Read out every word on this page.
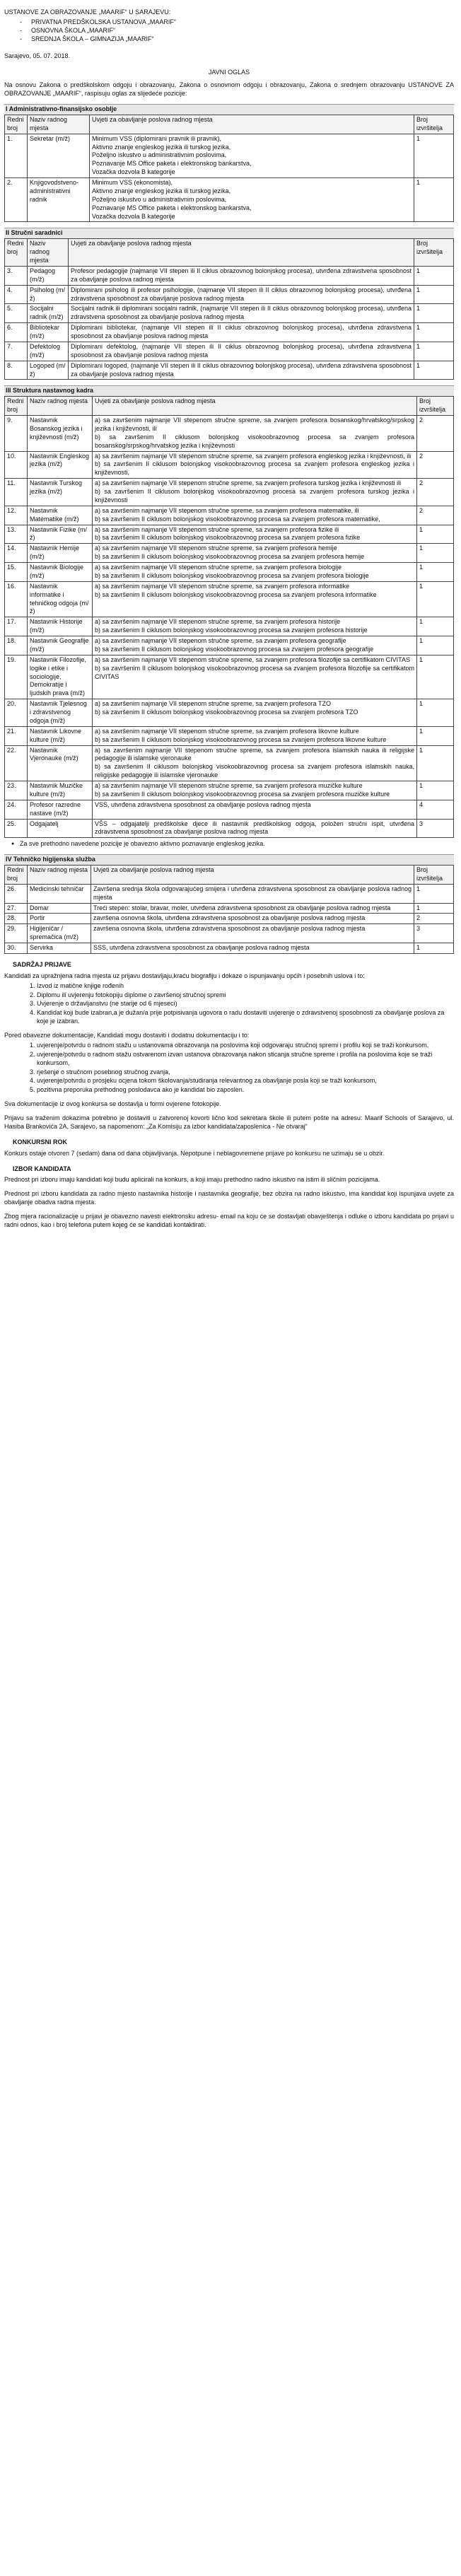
USTANOVE ZA OBRAZOVANJE „MAARIF“ U SARAJEVU:
- PRIVATNA PREDŠKOLSKA USTANOVA „MAARIF“
- OSNOVNA ŠKOLA „MAARIF“
- SREDNJA ŠKOLA – GIMNAZIJA „MAARIF“
Sarajevo, 05. 07. 2018.
JAVNI OGLAS
Na osnovu Zakona o predškolskom odgoju i obrazovanju, Zakona o osnovnom odgoju i obrazovanju, Zakona o srednjem obrazovanju USTANOVE ZA OBRAZOVANJE „MAARIF“, raspisuju oglas za slijedeće pozicije:
I Administrativno-finansijsko osoblje
Redni broj	Naziv radnog mjesta	Uvjeti za obavljanje poslova radnog mjesta	Broj izvršitelja
1.	Sekretar (m/ž)	Minimum VSS (diplomirani pravnik ili pravnik),
Aktivno znanje engleskog jezika ili turskog jezika,
Poželjno iskustvo u administrativnim poslovima,
Poznavanje MS Office paketa i elektronskog bankarstva,
Vozačka dozvola B kategorije	1
2.	Knjigovodstveno-administrativni radnik	Minimum VSS (ekonomista),
Aktivno znanje engleskog jezika ili turskog jezika,
Poželjno iskustvo u administrativnim poslovima,
Poznavanje MS Office paketa i elektronskog bankarstva,
Vozačka dozvola B kategorije	1
II Stručni saradnici
Redni broj	Naziv radnog mjesta	Uvjeti za obavljanje poslova radnog mjesta	Broj izvršitelja
3.	Pedagog (m/ž)	Profesor pedagogije (najmanje VII stepen ili II ciklus obrazovnog bolonjskog procesa), utvrđena zdravstvena sposobnost za obavljanje poslova radnog mjesta	1
4.	Psiholog (m/ž)	Diplomirani psiholog ili profesor psihologije, (najmanje VII stepen ili II ciklus obrazovnog bolonjskog procesa), utvrđena zdravstvena sposobnost za obavljanje poslova radnog mjesta	1
5.	Socijalni radnik (m/ž)	Socijalni radnik ili diplomirani socijalni radnik, (najmanje VII stepen ili II ciklus obrazovnog bolonjskog procesa), utvrđena zdravstvena sposobnost za obavljanje poslova radnog mjesta	1
6.	Bibliotekar (m/ž)	Diplomirani bibliotekar, (najmanje VII stepen ili II ciklus obrazovnog bolonjskog procesa), utvrđena zdravstvena sposobnost za obavljanje poslova radnog mjesta	1
7.	Defektolog (m/ž)	Diplomirani defektolog, (najmanje VII stepen ili II ciklus obrazovnog bolonjskog procesa), utvrđena zdravstvena sposobnost za obavljanje poslova radnog mjesta	1
8.	Logoped (m/ž)	Diplomirani logoped, (najmanje VII stepen ili II ciklus obrazovnog bolonjskog procesa), utvrđena zdravstvena sposobnost za obavljanje poslova radnog mjesta	1
III Struktura nastavnog kadra
Redni broj	Naziv radnog mjesta	Uvjeti za obavljanje poslova radnog mjesta	Broj izvršitelja
9.	Nastavnik Bosanskog jezika i književnosti (m/ž)	a) sa završenim najmanje VII stepenom stručne spreme, sa zvanjem profesora bosanskog/hrvatskog/srpskog jezika i književnosti, ili
b) sa završenim II ciklusom bolonjskog visokoobrazovnog procesa sa zvanjem profesora bosanskog/srpskog/hrvatskog jezika i književnosti	2
10.	Nastavnik Engleskog jezika (m/ž)	a) sa završenim najmanje VII stepenom stručne spreme, sa zvanjem profesora engleskog jezika i književnosti, ili
b) sa završenim II ciklusom bolonjskog visokoobrazovnog procesa sa zvanjem profesora engleskog jezika i književnosti,	2
11.	Nastavnik Turskog jezika (m/ž)	a) sa završenim najmanje VII stepenom stručne spreme, sa zvanjem profesora turskog jezika i književnosti ili
b) sa završenim II ciklusom bolonjskog visokoobrazovnog procesa sa zvanjem profesora turskog jezika i književnosti	2
12.	Nastavnik Matematike (m/ž)	a) sa završenim najmanje VII stepenom stručne spreme, sa zvanjem profesora matematike, ili
b) sa završenim II ciklusom bolonjskog visokoobrazovnog procesa sa zvanjem profesora matematike,	2
13.	Nastavnik Fizike (m/ž)	a) sa završenim najmanje VII stepenom stručne spreme, sa zvanjem profesora fizike ili
b) sa završenim II ciklusom bolonjskog visokoobrazovnog procesa sa zvanjem profesora fizike	1
14.	Nastavnik Hemije (m/ž)	a) sa završenim najmanje VII stepenom stručne spreme, sa zvanjem profesora hemije
b) sa završenim II ciklusom bolonjskog visokoobrazovnog procesa sa zvanjem profesora hemije	1
15.	Nastavnik Biologije (m/ž)	a) sa završenim najmanje VII stepenom stručne spreme, sa zvanjem profesora biologije
b) sa završenim II ciklusom bolonjskog visokoobrazovnog procesa sa zvanjem profesora biologije	1
16.	Nastavnik informatike i tehničkog odgoja (m/ž)	a) sa završenim najmanje VII stepenom stručne spreme, sa zvanjem profesora informatike
b) sa završenim II ciklusom bolonjskog visokoobrazovnog procesa sa zvanjem profesora informatike	1
17.	Nastavnik Historije (m/ž)	a) sa završenim najmanje VII stepenom stručne spreme, sa zvanjem profesora historije
b) sa završenim II ciklusom bolonjskog visokoobrazovnog procesa sa zvanjem profesora historije	1
18.	Nastavnik Geografije (m/ž)	a) sa završenim najmanje VII stepenom stručne spreme, sa zvanjem profesora geografije
b) sa završenim II ciklusom bolonjskog visokoobrazovnog procesa sa zvanjem profesora geografije	1
19.	Nastavnik Filozofije, logike i etike i sociologije, Demokratije i ljudskih prava (m/ž)	a) sa završenim najmanje VII stepenom stručne spreme, sa zvanjem profesora filozofije sa certifikatom CIVITAS
b) sa završenim II ciklusom bolonjskog visokoobrazovnog procesa sa zvanjem profesora filozofije sa certifikatom CIVITAS	1
20.	Nastavnik Tjelesnog i zdravstvenog odgoja (m/ž)	a) sa završenim najmanje VII stepenom stručne spreme, sa zvanjem profesora TZO
b) sa završenim II ciklusom bolonjskog visokoobrazovnog procesa sa zvanjem profesora TZO	1
21.	Nastavnik Likovne kulture (m/ž)	a) sa završenim najmanje VII stepenom stručne spreme, sa zvanjem profesora likovne kulture
b) sa završenim II ciklusom bolonjskog visokoobrazovnog procesa sa zvanjem profesora likovne kulture	1
22.	Nastavnik Vjeronauke (m/ž)	a) sa završenim najmanje VII stepenom stručne spreme, sa zvanjem profesora islamskih nauka ili religijske pedagogije ili islamske vjeronauke
b) sa završenim II ciklusom bolonjskog visokoobrazovnog procesa sa zvanjem profesora islamskih nauka, religijske pedagogije ili islamske vjeronauke	1
23.	Nastavnik Muzičke kulture (m/ž)	a) sa završenim najmanje VII stepenom stručne spreme, sa zvanjem profesora muzičke kulture
b) sa završenim II ciklusom bolonjskog visokoobrazovnog procesa sa zvanjem profesora muzičke kulture	1
24.	Profesor razredne nastave (m/ž)	VSS, utvrđena zdravstvena sposobnost za obavljanje poslova radnog mjesta	4
25.	Odgajatelj	VŠS – odgajatelji predškolske djece ili nastavnik predškolskog odgoja, položen stručni ispit, utvrđena zdravstvena sposobnost za obavljanje poslova radnog mjesta	3
● Za sve prethodno navedene pozicije je obavezno aktivno poznavanje engleskog jezika.
IV Tehničko higijenska služba
Redni broj	Naziv radnog mjesta	Uvjeti za obavljanje poslova radnog mjesta	Broj izvršitelja
26.	Medicinski tehničar	Završena srednja škola odgovarajućeg smijera i utvrđena zdravstvena sposobnost za obavljanje poslova radnog mjesta	1
27.	Domar	Treći stepen: stolar, bravar, moler, utvrđena zdravstvena sposobnost za obavljanje poslova radnog mjesta	1
28.	Portir	završena osnovna škola, utvrđena zdravstvena sposobnost za obavljanje poslova radnog mjesta	2
29.	Higijeničar / spremačica (m/ž)	završena osnovna škola, utvrđena zdravstvena sposobnost za obavljanje poslova radnog mjesta	3
30.	Servirka	SSS, utvrđena zdravstvena sposobnost za obavljanje poslova radnog mjesta	1
SADRŽAJ PRIJAVE
Kandidati za upražnjena radna mjesta uz prijavu dostavljaju,kraću biografiju i dokaze o ispunjavanju općih i posebnih uslova i to:
1. Izvod iz matične knjige rođenih
2. Diplomu ili uvjerenju fotokopiju diplome o završenoj stručnoj spremi
3. Uvjerenje o državljanstvu (ne starije od 6 mjeseci)
4. Kandidat koji bude izabran,a je dužan/a prije potpisivanja ugovora o radu dostaviti uvjerenje o zdravstvenoj sposobnosti za obavljanje poslova za koje je izabran.

Pored obavezne dokumentacije, Kandidati mogu dostaviti i dodatnu dokumentaciju i to:

1. uvjerenje/potvrdu o radnom stažu u ustanovama obrazovanja na poslovima koji odgovaraju stručnoj spremi i profilu koji se traži konkursom,
2. uvjerenje/potvrdu o radnom stažu ostvarenom izvan ustanova obrazovanja nakon sticanja stručne spreme i profila na poslovima koje se traži konkursom,
3. rješenje o stručnom posebnog stručnog zvanja,
4. uvjerenje/potvrdu o prosjeku ocjena tokom školovanja/studiranja relevantnog za obavljanje posla koji se traži konkursom,
5. pozitivna preporuka prethodnog poslodavca ako je kandidat bio zaposlen.

Sva dokumentacije iz ovog konkursa se dostavlja u formi ovjerene fotokopije.

Prijavu sa traženim dokazima potrebno je dostaviti u zatvorenoj kovorti lično kod sekretara škole ili putem pošte na adresu: Maarif Schools of Sarajevo, ul. Hasiba Brankovića 2A, Sarajevo, sa napomenom: „Za Komisiju za izbor kandidata/zaposlenica - Ne otvaraj“

KONKURSNI ROK
Konkurs ostaje otvoren 7 (sedam) dana od dana objavljivanja. Nepotpune i neblagovremene prijave po konkursu ne uzimaju se u obzir.
IZBOR KANDIDATA
Prednost pri izboru imaju kandidati koji budu aplicirali na konkurs, a koji imaju prethodno radno iskustvo na istim ili sličnim pozicijama.

Prednost pri izboru kandidata za radno mjesto nastavnika historije i nastavnika geografije, bez obzira na radno iskustvo, ima kandidat koji ispunjava uvjete za obavljanje obadva radna mjesta.

Zbog mjera racionalizacije u prijavi je obavezno navesti elektronsku adresu- email na koju će se dostavljati obavještenja i odluke o izboru kandidata po prijavi u radni odnos, kao i broj telefona putem kojeg će se kandidati kontaktirati.
